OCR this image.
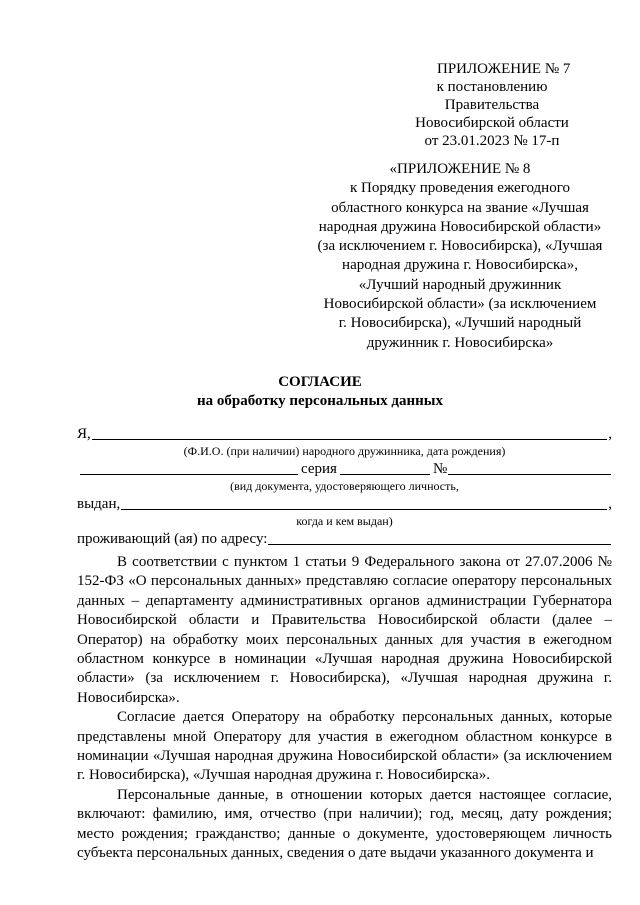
ПРИЛОЖЕНИЕ № 7
к постановлению Правительства
Новосибирской области
от 23.01.2023 № 17-п
«ПРИЛОЖЕНИЕ № 8
к Порядку проведения ежегодного
областного конкурса на звание «Лучшая
народная дружина Новосибирской области»
(за исключением г. Новосибирска), «Лучшая
народная дружина г. Новосибирска»,
«Лучший народный дружинник
Новосибирской области» (за исключением
г. Новосибирска), «Лучший народный
дружинник г. Новосибирска»
СОГЛАСИЕ
на обработку персональных данных
Я,	,
(Ф.И.О. (при наличии) народного дружинника, дата рождения)
серия	№
(вид документа, удостоверяющего личность,
выдан,	,
когда и кем выдан)
проживающий (ая) по адресу:

В соответствии с пунктом 1 статьи 9 Федерального закона от 27.07.2006 № 152-ФЗ «О персональных данных» представляю согласие оператору персональных данных – департаменту административных органов администрации Губернатора Новосибирской области и Правительства Новосибирской области (далее – Оператор) на обработку моих персональных данных для участия в ежегодном областном конкурсе в номинации «Лучшая народная дружина Новосибирской области» (за исключением г. Новосибирска), «Лучшая народная дружина г. Новосибирска».

Согласие дается Оператору на обработку персональных данных, которые представлены мной Оператору для участия в ежегодном областном конкурсе в номинации «Лучшая народная дружина Новосибирской области» (за исключением г. Новосибирска), «Лучшая народная дружина г. Новосибирска».

Персональные данные, в отношении которых дается настоящее согласие, включают: фамилию, имя, отчество (при наличии); год, месяц, дату рождения; место рождения; гражданство; данные о документе, удостоверяющем личность субъекта персональных данных, сведения о дате выдачи указанного документа и
